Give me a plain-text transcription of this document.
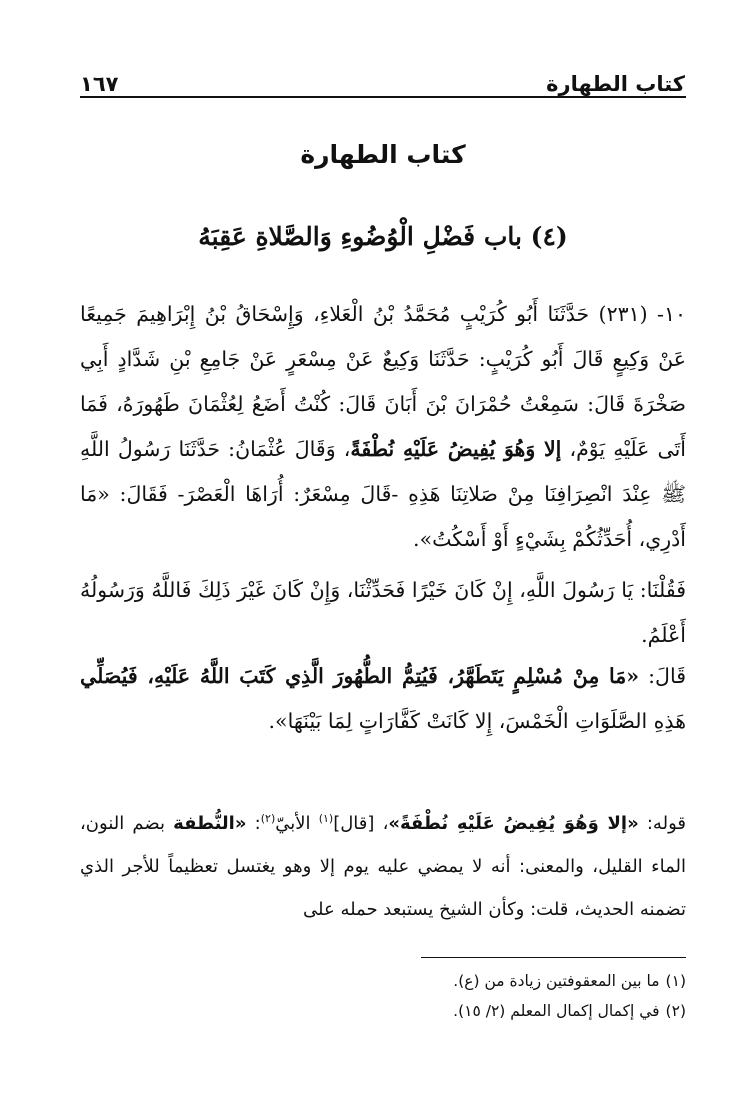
كتاب الطهارة
١٦٧
كتاب الطهارة
(٤) باب فَضْلِ الْوُضُوءِ وَالصَّلاةِ عَقِبَهُ
١٠- (٢٣١) حَدَّثَنَا أَبُو كُرَيْبٍ مُحَمَّدُ بْنُ الْعَلاءِ، وَإِسْحَاقُ بْنُ إِبْرَاهِيمَ جَمِيعًا عَنْ وَكِيعٍ قَالَ أَبُو كُرَيْبٍ: حَدَّثَنَا وَكِيعٌ عَنْ مِسْعَرٍ عَنْ جَامِعِ بْنِ شَدَّادٍ أَبِي صَخْرَةَ قَالَ: سَمِعْتُ حُمْرَانَ بْنَ أَبَانَ قَالَ: كُنْتُ أَضَعُ لِعُثْمَانَ طَهُورَهُ، فَمَا أَتَى عَلَيْهِ يَوْمٌ، إلا وَهُوَ يُفِيضُ عَلَيْهِ نُطْفَةً، وَقَالَ عُثْمَانُ: حَدَّثَنَا رَسُولُ اللَّهِ ﷺ عِنْدَ انْصِرَافِنَا مِنْ صَلاتِنَا هَذِهِ -قَالَ مِسْعَرٌ: أُرَاهَا الْعَصْرَ- فَقَالَ: «مَا أَدْرِي، أُحَدِّثُكُمْ بِشَيْءٍ أَوْ أَسْكُتُ».
فَقُلْنَا: يَا رَسُولَ اللَّهِ، إِنْ كَانَ خَيْرًا فَحَدِّثْنَا، وَإِنْ كَانَ غَيْرَ ذَلِكَ فَاللَّهُ وَرَسُولُهُ أَعْلَمُ.
قَالَ: «مَا مِنْ مُسْلِمٍ يَتَطَهَّرُ، فَيُتِمُّ الطُّهُورَ الَّذِي كَتَبَ اللَّهُ عَلَيْهِ، فَيُصَلِّي هَذِهِ الصَّلَوَاتِ الْخَمْسَ، إِلا كَانَتْ كَفَّارَاتٍ لِمَا بَيْنَهَا».
قوله: «إلا وَهُوَ يُفِيضُ عَلَيْهِ نُطْفَةً»، [قال]$^{(١)}$ الأبيّ$^{(٢)}$: «النُّطفة بضم النون، الماء القليل، والمعنى: أنه لا يمضي عليه يوم إلا وهو يغتسل تعظيماً للأجر الذي تضمنه الحديث، قلت: وكأن الشيخ يستبعد حمله على
(١)ما بين المعقوفتين زيادة من (ع).
(٢)في إكمال إكمال المعلم (٢/ ١٥).
